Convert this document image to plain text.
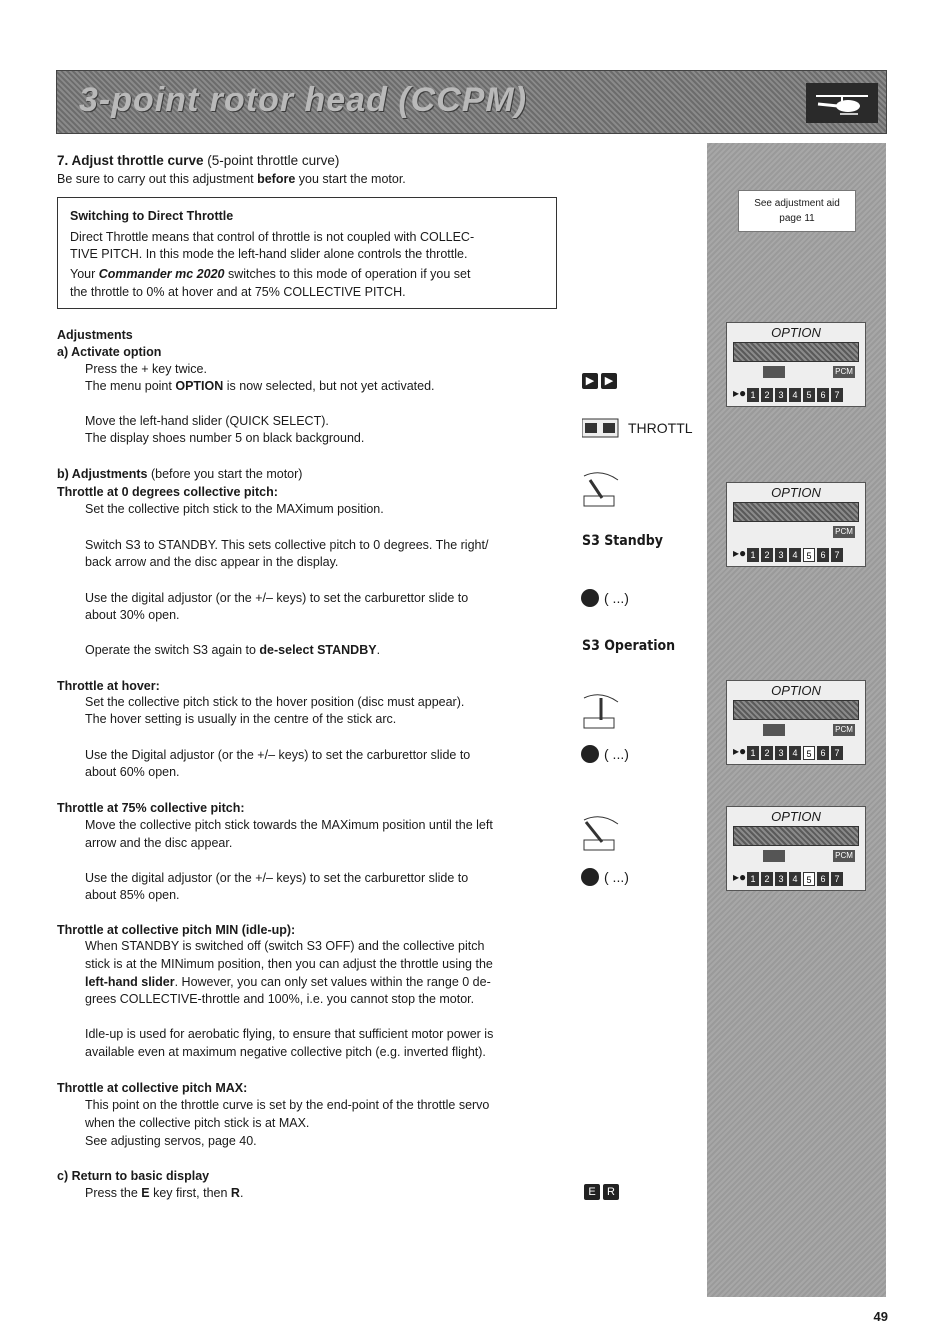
3-point rotor head (CCPM)
See adjustment aid
page 11
OPTION
PCM
▸● 1 2 3 4 5 6 7
OPTION
PCM
▸● 1 2 3 4 5 6 7
OPTION
PCM
▸● 1 2 3 4 5 6 7
OPTION
PCM
▸● 1 2 3 4 5 6 7
7. Adjust throttle curve (5-point throttle curve)
Be sure to carry out this adjustment before you start the motor.
Switching to Direct Throttle
Direct Throttle means that control of throttle is not coupled with COLLEC-
TIVE PITCH. In this mode the left-hand slider alone controls the throttle.
Your Commander mc 2020 switches to this mode of operation if you set
the throttle to 0% at hover and at 75% COLLECTIVE PITCH.
Adjustments
a) Activate option
Press the + key twice.
The menu point OPTION is now selected, but not yet activated.
Move the left-hand slider (QUICK SELECT).
The display shoes number 5 on black background.
b) Adjustments (before you start the motor)
Throttle at 0 degrees collective pitch:
Set the collective pitch stick to the MAXimum position.
Switch S3 to STANDBY. This sets collective pitch to 0 degrees. The right/
back arrow and the disc appear in the display.
Use the digital adjustor (or the +/– keys) to set the carburettor slide to
about 30% open.
Operate the switch S3 again to de-select STANDBY.
Throttle at hover:
Set the collective pitch stick to the hover position (disc must appear).
The hover setting is usually in the centre of the stick arc.
Use the Digital adjustor (or the +/– keys) to set the carburettor slide to
about 60% open.
Throttle at 75% collective pitch:
Move the collective pitch stick towards the MAXimum position until the left
arrow and the disc appear.
Use the digital adjustor (or the +/– keys) to set the carburettor slide to
about 85% open.
Throttle at collective pitch MIN (idle-up):
When STANDBY is switched off (switch S3 OFF) and the collective pitch
stick is at the MINimum position, then you can adjust the throttle using the
left-hand slider. However, you can only set values within the range 0 de-
grees COLLECTIVE-throttle and 100%, i.e. you cannot stop the motor.
Idle-up is used for aerobatic flying, to ensure that sufficient motor power is
available even at maximum negative collective pitch (e.g. inverted flight).
Throttle at collective pitch MAX:
This point on the throttle curve is set by the end-point of the throttle servo
when the collective pitch stick is at MAX.
See adjusting servos, page 40.
c) Return to basic display
Press the E key first, then R.
▶ ▶
THROTTL
S3 Standby
( ...)
S3 Operation
( ...)
( ...)
E R
49
